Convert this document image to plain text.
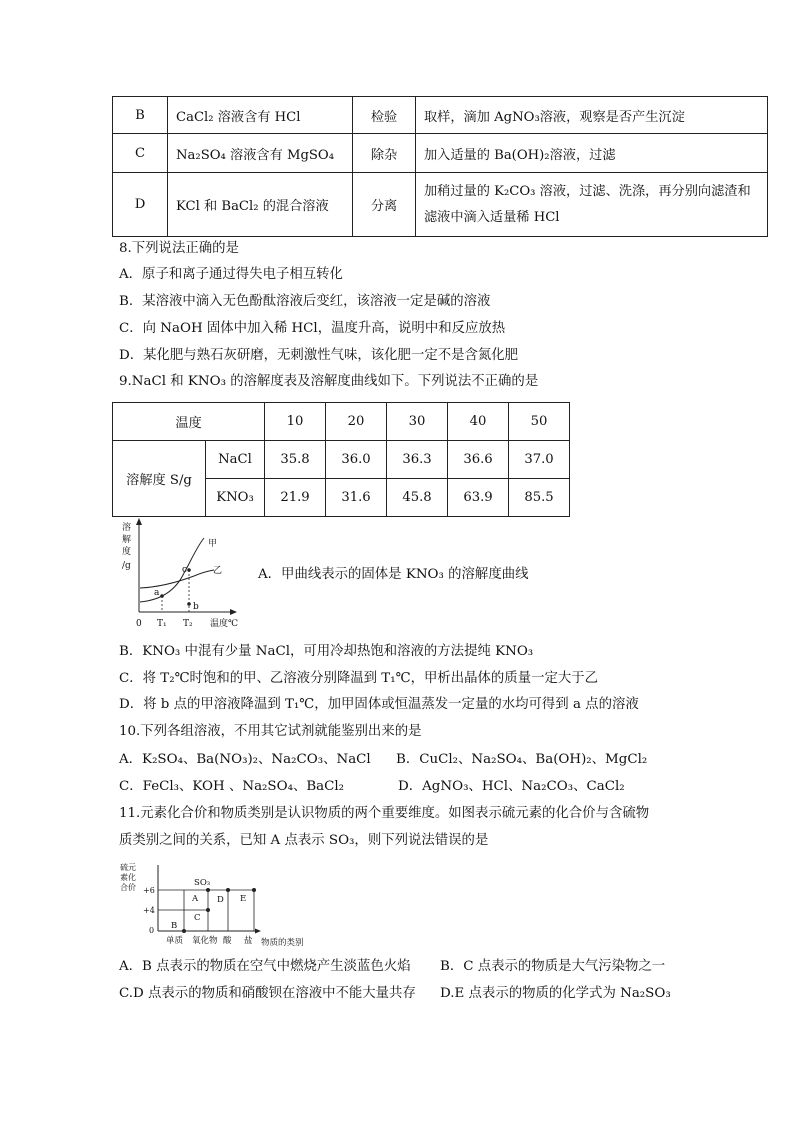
B	CaCl₂ 溶液含有 HCl	检验	取样，滴加 AgNO₃溶液，观察是否产生沉淀
C	Na₂SO₄ 溶液含有 MgSO₄	除杂	加入适量的 Ba(OH)₂溶液，过滤
D	KCl 和 BaCl₂ 的混合溶液	分离	加稍过量的 K₂CO₃ 溶液，过滤、洗涤，再分别向滤渣和
滤液中滴入适量稀 HCl
8.下列说法正确的是
A．原子和离子通过得失电子相互转化
B．某溶液中滴入无色酚酞溶液后变红，该溶液一定是碱的溶液
C．向 NaOH 固体中加入稀 HCl，温度升高，说明中和反应放热
D．某化肥与熟石灰研磨，无刺激性气味，该化肥一定不是含氮化肥
9.NaCl 和 KNO₃ 的溶解度表及溶解度曲线如下。下列说法不正确的是
温度		10	20	30	40	50
溶解度 S/g	NaCl	35.8	36.0	36.3	36.6	37.0
	KNO₃	21.9	31.6	45.8	63.9	85.5
溶
解
度
/g
甲
乙
a
c
b
0 T₁ T₂ 温度℃
A．甲曲线表示的固体是 KNO₃ 的溶解度曲线
B．KNO₃ 中混有少量 NaCl，可用冷却热饱和溶液的方法提纯 KNO₃
C．将 T₂℃时饱和的甲、乙溶液分别降温到 T₁℃，甲析出晶体的质量一定大于乙
D．将 b 点的甲溶液降温到 T₁℃，加甲固体或恒温蒸发一定量的水均可得到 a 点的溶液
10.下列各组溶液，不用其它试剂就能鉴别出来的是
A．K₂SO₄、Ba(NO₃)₂、Na₂CO₃、NaCl B．CuCl₂、Na₂SO₄、Ba(OH)₂、MgCl₂
C．FeCl₃、KOH 、Na₂SO₄、BaCl₂	D．AgNO₃、HCl、Na₂CO₃、CaCl₂
11.元素化合价和物质类别是认识物质的两个重要维度。如图表示硫元素的化合价与含硫物
质类别之间的关系，已知 A 点表示 SO₃，则下列说法错误的是
硫元
素化
合价 +6
+4
0
SO₃
A D E
C
B
单质 氧化物 酸 盐 物质的类别
A．B 点表示的物质在空气中燃烧产生淡蓝色火焰 B．C 点表示的物质是大气污染物之一
C.D 点表示的物质和硝酸钡在溶液中不能大量共存 D.E 点表示的物质的化学式为 Na₂SO₃
